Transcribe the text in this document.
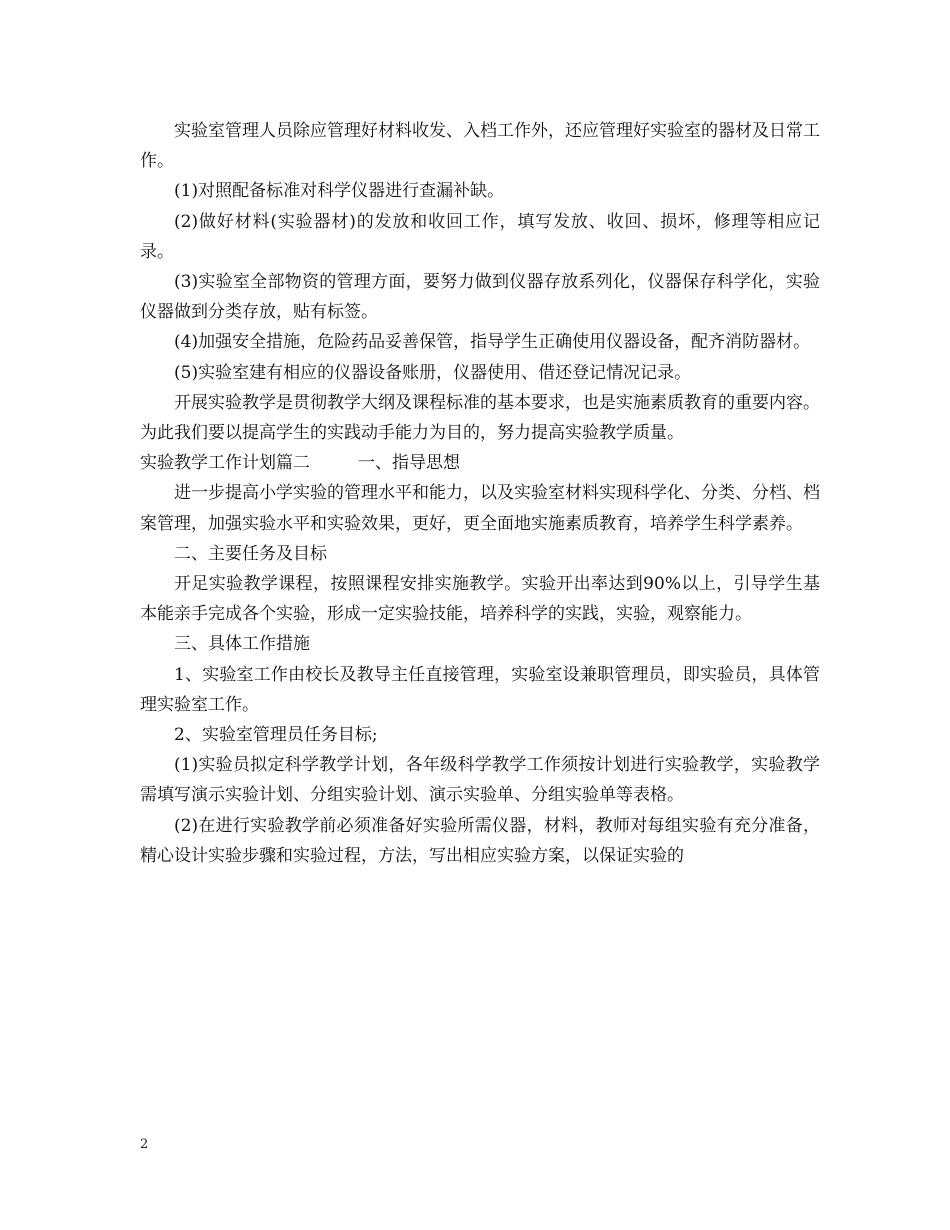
实验室管理人员除应管理好材料收发、入档工作外，还应管理好实验室的器材及日常工作。

(1)对照配备标准对科学仪器进行查漏补缺。

(2)做好材料(实验器材)的发放和收回工作，填写发放、收回、损坏，修理等相应记录。

(3)实验室全部物资的管理方面，要努力做到仪器存放系列化，仪器保存科学化，实验仪器做到分类存放，贴有标签。

(4)加强安全措施，危险药品妥善保管，指导学生正确使用仪器设备，配齐消防器材。

(5)实验室建有相应的仪器设备账册，仪器使用、借还登记情况记录。

开展实验教学是贯彻教学大纲及课程标准的基本要求，也是实施素质教育的重要内容。为此我们要以提高学生的实践动手能力为目的，努力提高实验教学质量。

实验教学工作计划篇二	一、指导思想

进一步提高小学实验的管理水平和能力，以及实验室材料实现科学化、分类、分档、档案管理，加强实验水平和实验效果，更好，更全面地实施素质教育，培养学生科学素养。

二、主要任务及目标

开足实验教学课程，按照课程安排实施教学。实验开出率达到90%以上，引导学生基本能亲手完成各个实验，形成一定实验技能，培养科学的实践，实验，观察能力。

三、具体工作措施

1、实验室工作由校长及教导主任直接管理，实验室设兼职管理员，即实验员，具体管理实验室工作。

2、实验室管理员任务目标;

(1)实验员拟定科学教学计划，各年级科学教学工作须按计划进行实验教学，实验教学需填写演示实验计划、分组实验计划、演示实验单、分组实验单等表格。

(2)在进行实验教学前必须准备好实验所需仪器，材料，教师对每组实验有充分准备，精心设计实验步骤和实验过程，方法，写出相应实验方案，以保证实验的

2
